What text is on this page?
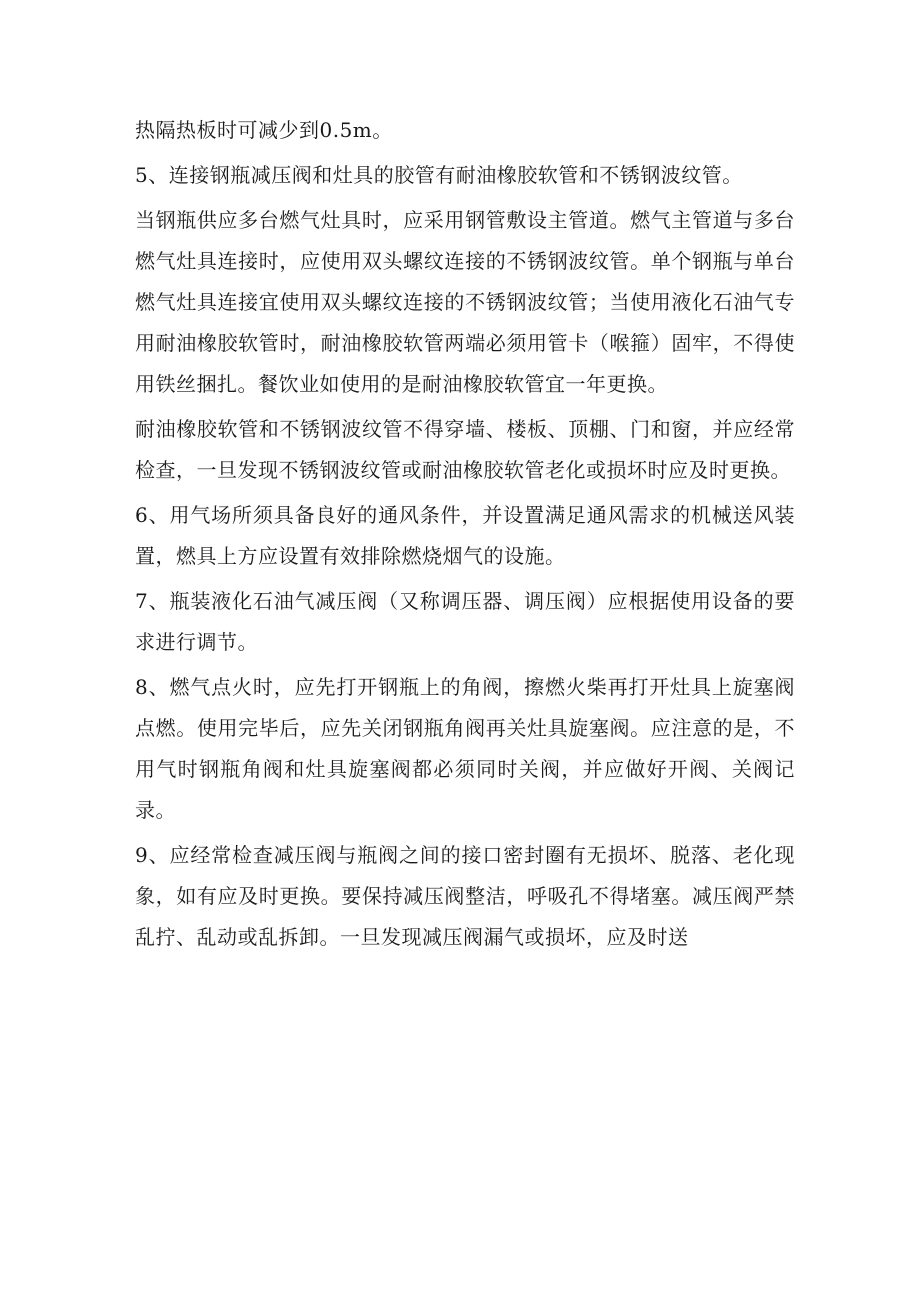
热隔热板时可减少到0.5m。

5、连接钢瓶减压阀和灶具的胶管有耐油橡胶软管和不锈钢波纹管。

当钢瓶供应多台燃气灶具时，应采用钢管敷设主管道。燃气主管道与多台燃气灶具连接时，应使用双头螺纹连接的不锈钢波纹管。单个钢瓶与单台燃气灶具连接宜使用双头螺纹连接的不锈钢波纹管；当使用液化石油气专用耐油橡胶软管时，耐油橡胶软管两端必须用管卡（喉箍）固牢，不得使用铁丝捆扎。餐饮业如使用的是耐油橡胶软管宜一年更换。

耐油橡胶软管和不锈钢波纹管不得穿墙、楼板、顶棚、门和窗，并应经常检查，一旦发现不锈钢波纹管或耐油橡胶软管老化或损坏时应及时更换。

6、用气场所须具备良好的通风条件，并设置满足通风需求的机械送风装置，燃具上方应设置有效排除燃烧烟气的设施。

7、瓶装液化石油气减压阀（又称调压器、调压阀）应根据使用设备的要求进行调节。

8、燃气点火时，应先打开钢瓶上的角阀，擦燃火柴再打开灶具上旋塞阀点燃。使用完毕后，应先关闭钢瓶角阀再关灶具旋塞阀。应注意的是，不用气时钢瓶角阀和灶具旋塞阀都必须同时关阀，并应做好开阀、关阀记录。

9、应经常检查减压阀与瓶阀之间的接口密封圈有无损坏、脱落、老化现象，如有应及时更换。要保持减压阀整洁，呼吸孔不得堵塞。减压阀严禁乱拧、乱动或乱拆卸。一旦发现减压阀漏气或损坏，应及时送
